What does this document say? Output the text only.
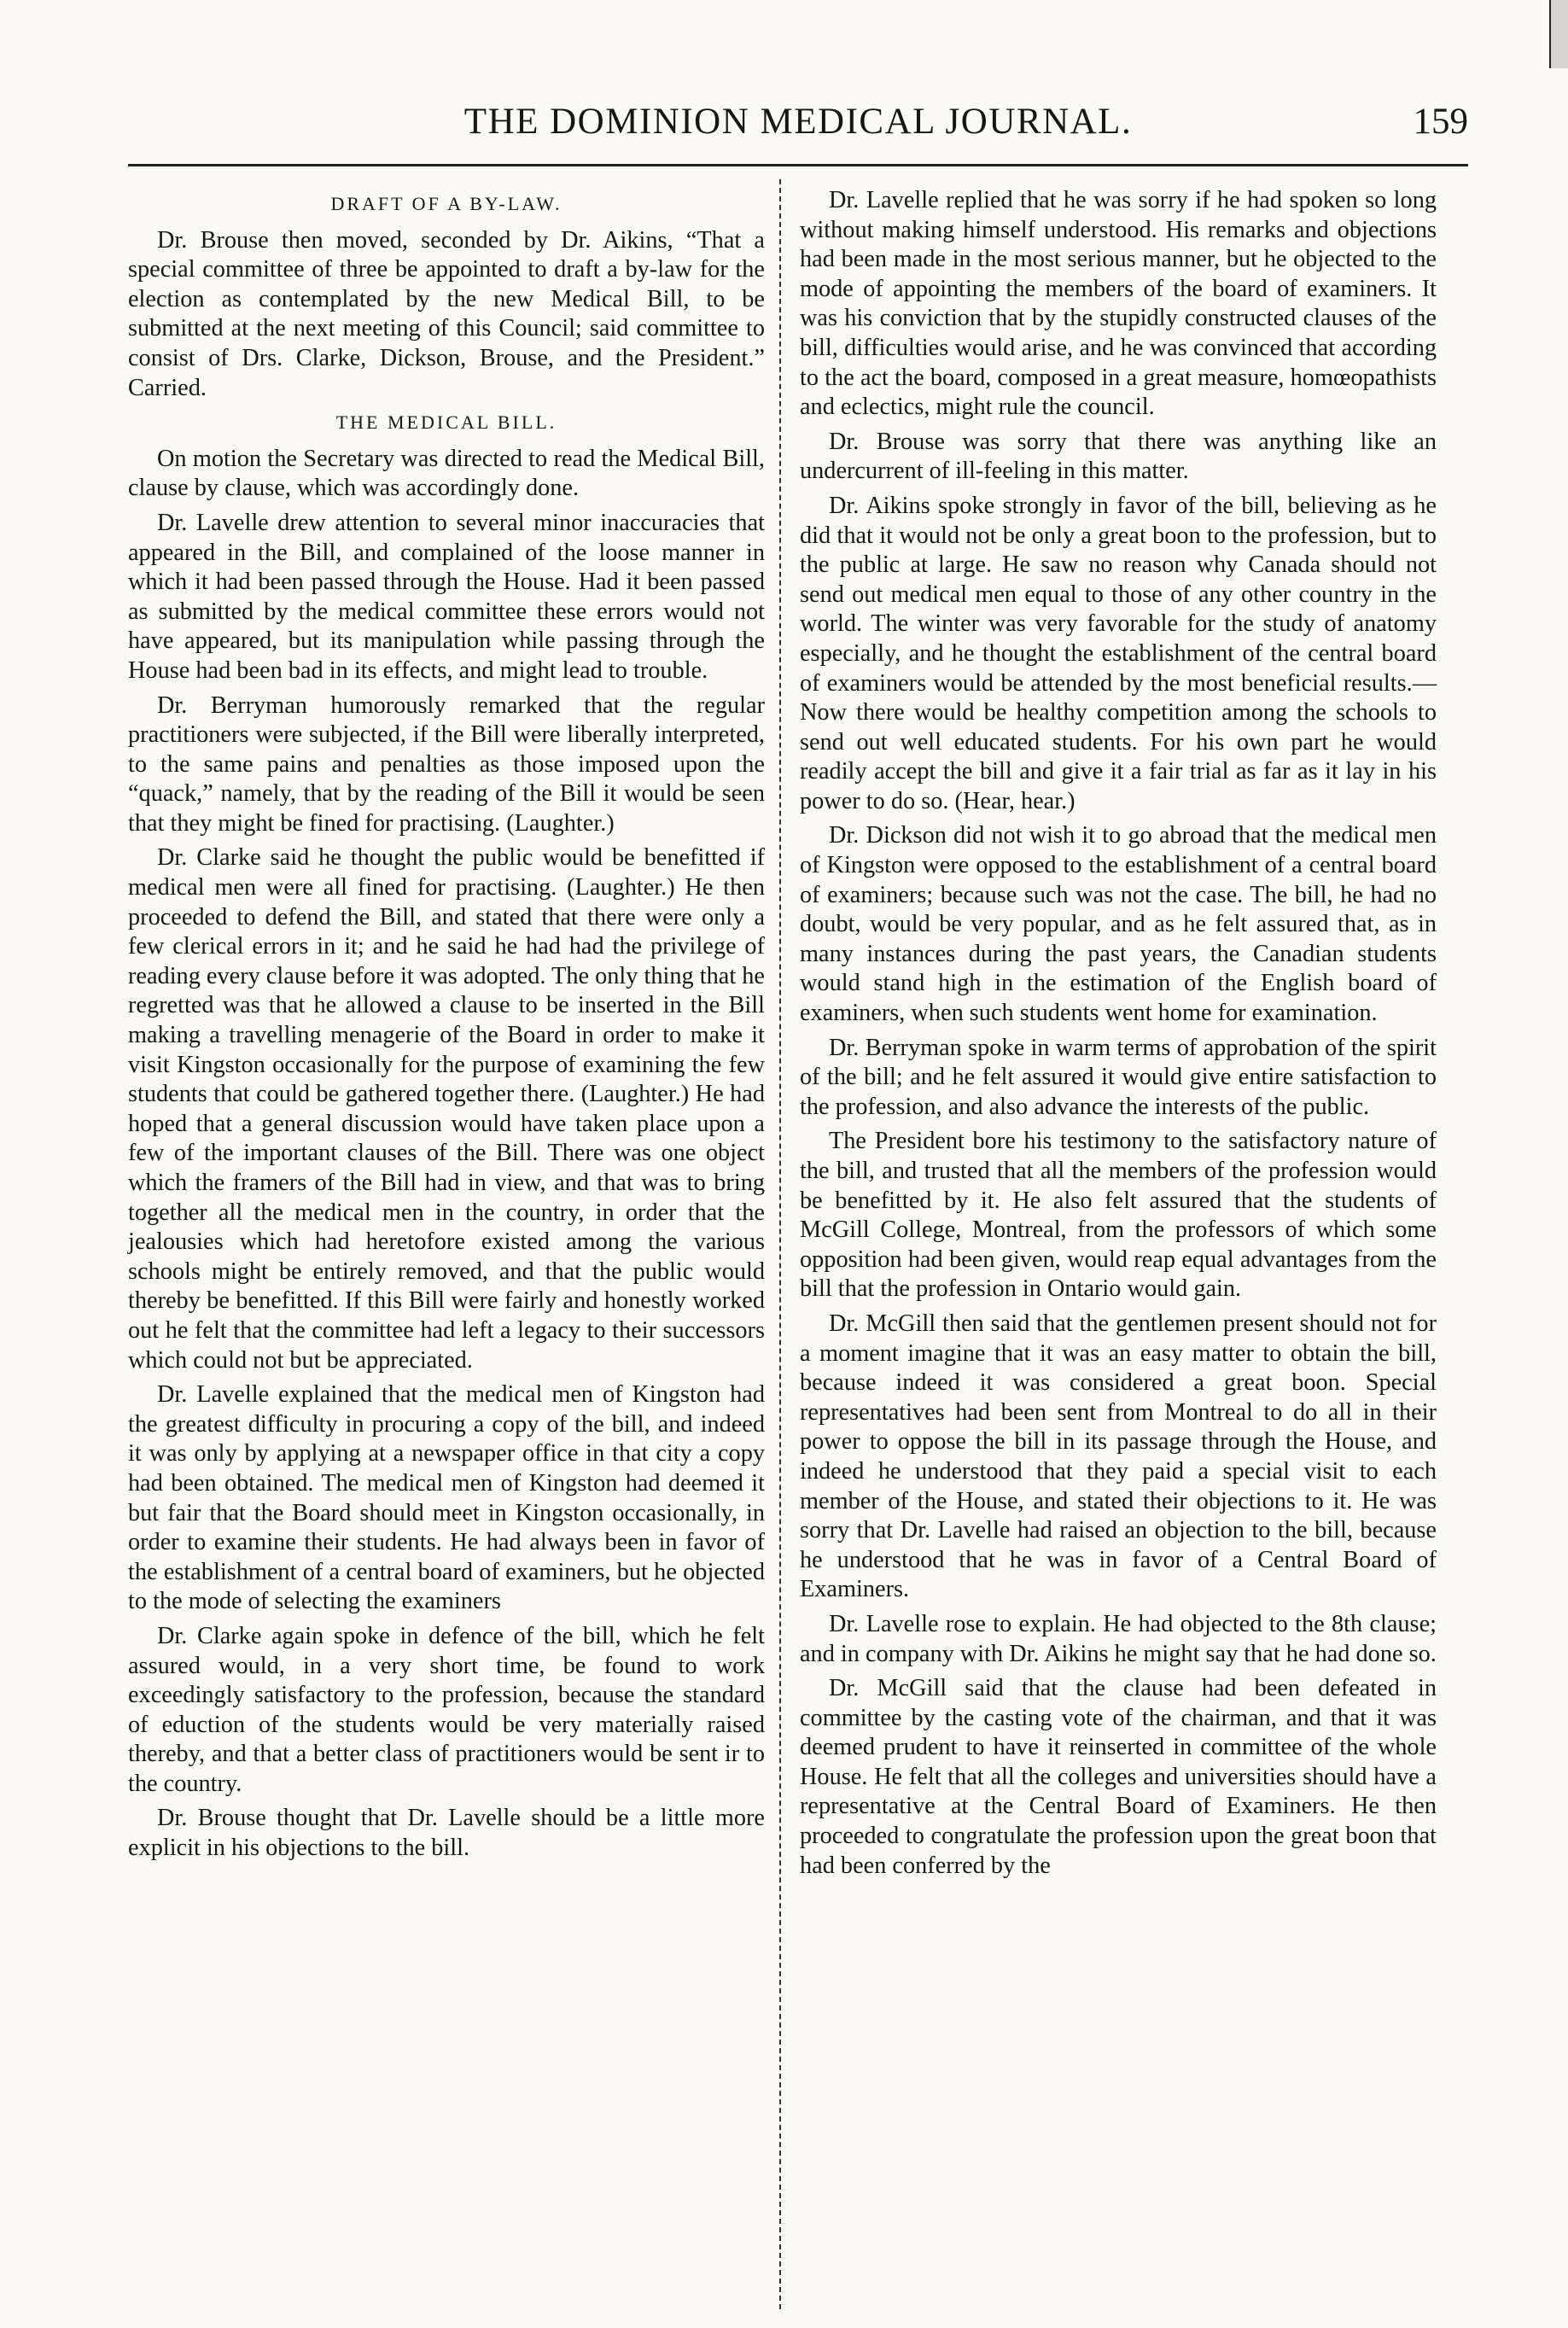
THE DOMINION MEDICAL JOURNAL.	159
DRAFT OF A BY-LAW.

Dr. Brouse then moved, seconded by Dr. Aikins, “That a special committee of three be appointed to draft a by-law for the election as contemplated by the new Medical Bill, to be submitted at the next meeting of this Council; said committee to consist of Drs. Clarke, Dickson, Brouse, and the President.” Carried.

THE MEDICAL BILL.

On motion the Secretary was directed to read the Medical Bill, clause by clause, which was accordingly done.

Dr. Lavelle drew attention to several minor inaccuracies that appeared in the Bill, and complained of the loose manner in which it had been passed through the House. Had it been passed as submitted by the medical committee these errors would not have appeared, but its manipulation while passing through the House had been bad in its effects, and might lead to trouble.

Dr. Berryman humorously remarked that the regular practitioners were subjected, if the Bill were liberally interpreted, to the same pains and penalties as those imposed upon the “quack,” namely, that by the reading of the Bill it would be seen that they might be fined for practising. (Laughter.)

Dr. Clarke said he thought the public would be benefitted if medical men were all fined for practising. (Laughter.) He then proceeded to defend the Bill, and stated that there were only a few clerical errors in it; and he said he had had the privilege of reading every clause before it was adopted. The only thing that he regretted was that he allowed a clause to be inserted in the Bill making a travelling menagerie of the Board in order to make it visit Kingston occasionally for the purpose of examining the few students that could be gathered together there. (Laughter.) He had hoped that a general discussion would have taken place upon a few of the important clauses of the Bill. There was one object which the framers of the Bill had in view, and that was to bring together all the medical men in the country, in order that the jealousies which had heretofore existed among the various schools might be entirely removed, and that the public would thereby be benefitted. If this Bill were fairly and honestly worked out he felt that the committee had left a legacy to their successors which could not but be appreciated.

Dr. Lavelle explained that the medical men of Kingston had the greatest difficulty in procuring a copy of the bill, and indeed it was only by applying at a newspaper office in that city a copy had been obtained. The medical men of Kingston had deemed it but fair that the Board should meet in Kingston occasionally, in order to examine their students. He had always been in favor of the establishment of a central board of examiners, but he objected to the mode of selecting the examiners

Dr. Clarke again spoke in defence of the bill, which he felt assured would, in a very short time, be found to work exceedingly satisfactory to the profession, because the standard of eduction of the students would be very materially raised thereby, and that a better class of practitioners would be sent ir to the country.

Dr. Brouse thought that Dr. Lavelle should be a little more explicit in his objections to the bill.

Dr. Lavelle replied that he was sorry if he had spoken so long without making himself understood. His remarks and objections had been made in the most serious manner, but he objected to the mode of appointing the members of the board of examiners. It was his conviction that by the stupidly constructed clauses of the bill, difficulties would arise, and he was convinced that according to the act the board, composed in a great measure, homœopathists and eclectics, might rule the council.

Dr. Brouse was sorry that there was anything like an undercurrent of ill-feeling in this matter.

Dr. Aikins spoke strongly in favor of the bill, believing as he did that it would not be only a great boon to the profession, but to the public at large. He saw no reason why Canada should not send out medical men equal to those of any other country in the world. The winter was very favorable for the study of anatomy especially, and he thought the establishment of the central board of examiners would be attended by the most beneficial results.—Now there would be healthy competition among the schools to send out well educated students. For his own part he would readily accept the bill and give it a fair trial as far as it lay in his power to do so. (Hear, hear.)

Dr. Dickson did not wish it to go abroad that the medical men of Kingston were opposed to the establishment of a central board of examiners; because such was not the case. The bill, he had no doubt, would be very popular, and as he felt assured that, as in many instances during the past years, the Canadian students would stand high in the estimation of the English board of examiners, when such students went home for examination.

Dr. Berryman spoke in warm terms of approbation of the spirit of the bill; and he felt assured it would give entire satisfaction to the profession, and also advance the interests of the public.

The President bore his testimony to the satisfactory nature of the bill, and trusted that all the members of the profession would be benefitted by it. He also felt assured that the students of McGill College, Montreal, from the professors of which some opposition had been given, would reap equal advantages from the bill that the profession in Ontario would gain.

Dr. McGill then said that the gentlemen present should not for a moment imagine that it was an easy matter to obtain the bill, because indeed it was considered a great boon. Special representatives had been sent from Montreal to do all in their power to oppose the bill in its passage through the House, and indeed he understood that they paid a special visit to each member of the House, and stated their objections to it. He was sorry that Dr. Lavelle had raised an objection to the bill, because he understood that he was in favor of a Central Board of Examiners.

Dr. Lavelle rose to explain. He had objected to the 8th clause; and in company with Dr. Aikins he might say that he had done so.

Dr. McGill said that the clause had been defeated in committee by the casting vote of the chairman, and that it was deemed prudent to have it reinserted in committee of the whole House. He felt that all the colleges and universities should have a representative at the Central Board of Examiners. He then proceeded to congratulate the profession upon the great boon that had been conferred by the
